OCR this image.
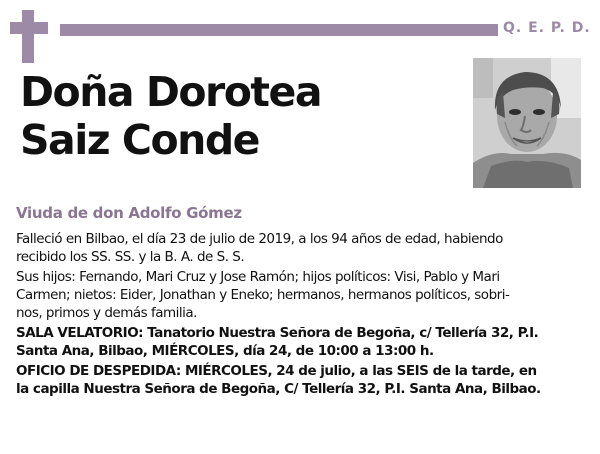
Q. E. P. D.
Doña Dorotea
Saiz Conde
Viuda de don Adolfo Gómez

Falleció en Bilbao, el día 23 de julio de 2019, a los 94 años de edad, habiendo
recibido los SS. SS. y la B. A. de S. S.

Sus hijos: Fernando, Mari Cruz y Jose Ramón; hijos políticos: Visi, Pablo y Mari
Carmen; nietos: Eider, Jonathan y Eneko; hermanos, hermanos políticos, sobri-
nos, primos y demás familia.

SALA VELATORIO: Tanatorio Nuestra Señora de Begoña, c/ Tellería 32, P.I.
Santa Ana, Bilbao, MIÉRCOLES, día 24, de 10:00 a 13:00 h.

OFICIO DE DESPEDIDA: MIÉRCOLES, 24 de julio, a las SEIS de la tarde, en
la capilla Nuestra Señora de Begoña, C/ Tellería 32, P.I. Santa Ana, Bilbao.
